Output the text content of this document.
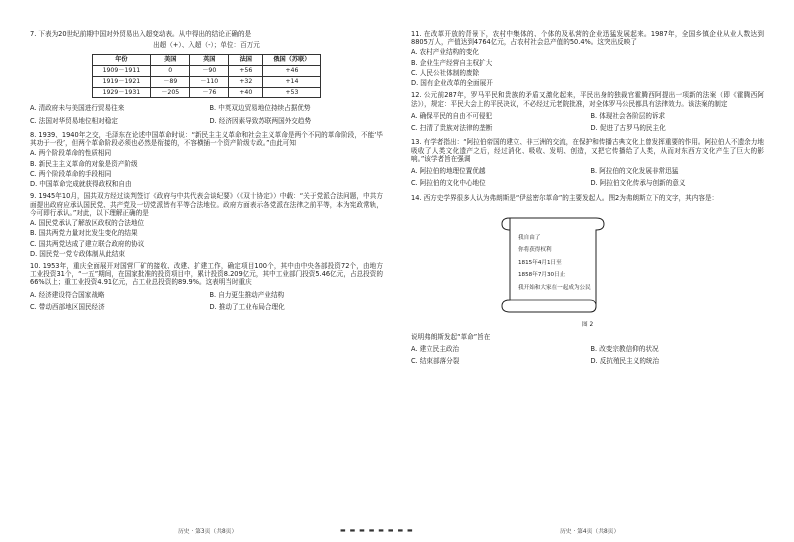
7. 下表为20世纪前期中国对外贸易出入超变动表。从中得出的结论正确的是

出超（+）、入超（-）；单位：百万元
年份	美国	英国	法国	俄国（苏联）
1909－1911	0	－90	+56	+46
1919－1921	－89	－110	+32	+14
1929－1931	－205	－76	+40	+53
A. 清政府未与美国进行贸易往来	B. 中英双边贸易地位持续占据优势
C. 法国对华贸易地位相对稳定	D. 经济因素导致苏联两国外交趋势

8. 1939、1940年之交，毛泽东在论述中国革命时说：“新民主主义革命和社会主义革命是两个不同的革命阶段，不能‘毕其功于一役’，但两个革命阶段必须也必然是衔接的，不容横插一个资产阶级专政。”由此可知

A. 两个阶段革命的性质相同
B. 新民主主义革命的对象是资产阶级
C. 两个阶段革命的手段相同
D. 中国革命完成就获得政权和自由

9. 1945年10月，国共双方经过谈判签订《政府与中共代表会谈纪要》（《双十协定》）中载：“关于党派合法问题，中共方面提出政府应承认国民党、共产党及一切党派皆有平等合法地位。政府方面表示各党派在法律之前平等，本为宪政常轨，今可即行承认。”对此，以下理解正确的是

A. 国民党承认了解放区政权的合法地位
B. 国共两党力量对比发生变化的结果
C. 国共两党达成了建立联合政府的协议
D. 国民党一党专政体制从此结束

10. 1953年，重庆全面展开对国营厂矿的接收、改建、扩建工作，确定项目100个，其中由中央各部投资72个，由地方工业投资31个，“一五”期间，在国家批准的投资项目中，累计投资8.209亿元，其中工业部门投资5.46亿元，占总投资的66%以上；重工业投资4.91亿元，占工业总投资的89.9%。这表明当时重庆

A. 经济建设符合国家战略	B. 自力更生推动产业结构
C. 带动西部地区国民经济	D. 推动了工业布局合理化

11. 在改革开放的背景下，农村中集体的、个体的及私营的企业迅猛发展起来。1987年，全国乡镇企业从业人数达到8805万人，产值达到4764亿元，占农村社会总产值的50.4%。这突出反映了

A. 农村产业结构的变化
B. 企业生产经营自主权扩大
C. 人民公社体制的废除
D. 国有企业改革的全面展开

12. 公元前287年，罗马平民和贵族的矛盾又激化起来，平民出身的独裁官霍腾西阿提出一项新的法案（即《霍腾西阿法》），规定：平民大会上的平民决议，不必经过元老院批准，对全体罗马公民都具有法律效力。该法案的制定

A. 确保平民的自由不可侵犯	B. 体现社会各阶层的诉求
C. 扫清了贵族对法律的垄断	D. 促进了古罗马的民主化

13. 有学者指出：“阿拉伯帝国的建立、非三洲的交流，在保护和传播古典文化上曾发挥重要的作用。阿拉伯人不遗余力地吸收了人类文化遗产之后，经过消化、吸收、发明、创造，又把它传播给了人类，从而对东西方文化产生了巨大的影响。”该学者旨在强调

A. 阿拉伯的地理位置优越	B. 阿拉伯的文化发展非常迅猛
C. 阿拉伯的文化中心地位	D. 阿拉伯文化传承与创新的意义

14. 西方史学界很多人认为弗朗斯是“伊兹密尔革命”的主要发起人。图2为弗朗斯立下的文字，其内容是：

我自由了
你将获得权利
1815年4月1日至
1858年7月30日止
我开始和大家在一起成为公民
图 2

说明弗朗斯发起“革命”旨在

A. 建立民主政治	B. 改变宗教信仰的状况
C. 结束部落分裂	D. 反抗殖民主义的统治
历史 · 第3页（共8页）	▬ ▬ ▬ ▬ ▬ ▬ ▬ ▬	历史 · 第4页（共8页）
